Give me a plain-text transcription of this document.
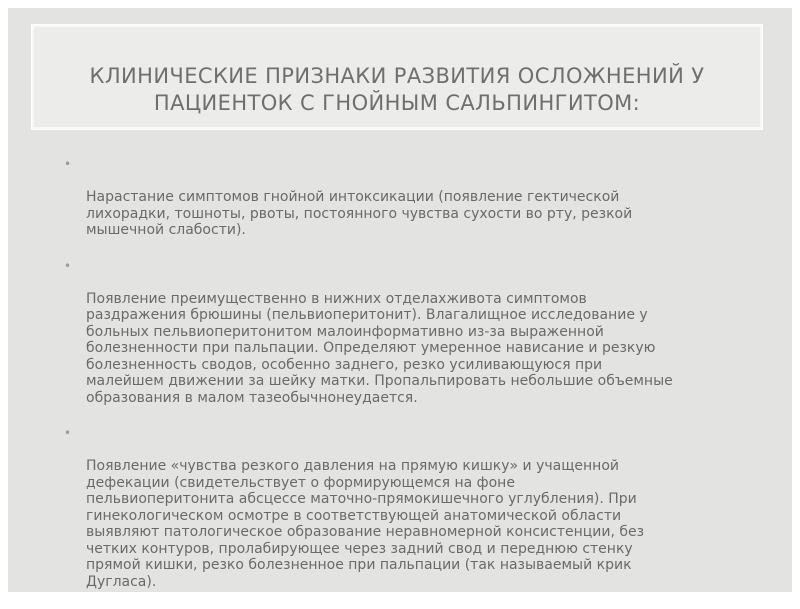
КЛИНИЧЕСКИЕ ПРИЗНАКИ РАЗВИТИЯ ОСЛОЖНЕНИЙ У
ПАЦИЕНТОК С ГНОЙНЫМ САЛЬПИНГИТОМ:

•

Нарастание симптомов гнойной интоксикации (появление гектической
лихорадки, тошноты, рвоты, постоянного чувства сухости во рту, резкой
мышечной слабости).

•

Появление преимущественно в нижних отделахживота симптомов
раздражения брюшины (пельвиоперитонит). Влагалищное исследование у
больных пельвиоперитонитом малоинформативно из-за выраженной
болезненности при пальпации. Определяют умеренное нависание и резкую
болезненность сводов, особенно заднего, резко усиливающуюся при
малейшем движении за шейку матки. Пропальпировать небольшие объемные
образования в малом тазеобычнонеудается.

•

Появление «чувства резкого давления на прямую кишку» и учащенной
дефекации (свидетельствует о формирующемся на фоне
пельвиоперитонита абсцессе маточно-прямокишечного углубления). При
гинекологическом осмотре в соответствующей анатомической области
выявляют патологическое образование неравномерной консистенции, без
четких контуров, пролабирующее через задний свод и переднюю стенку
прямой кишки, резко болезненное при пальпации (так называемый крик
Дугласа).
